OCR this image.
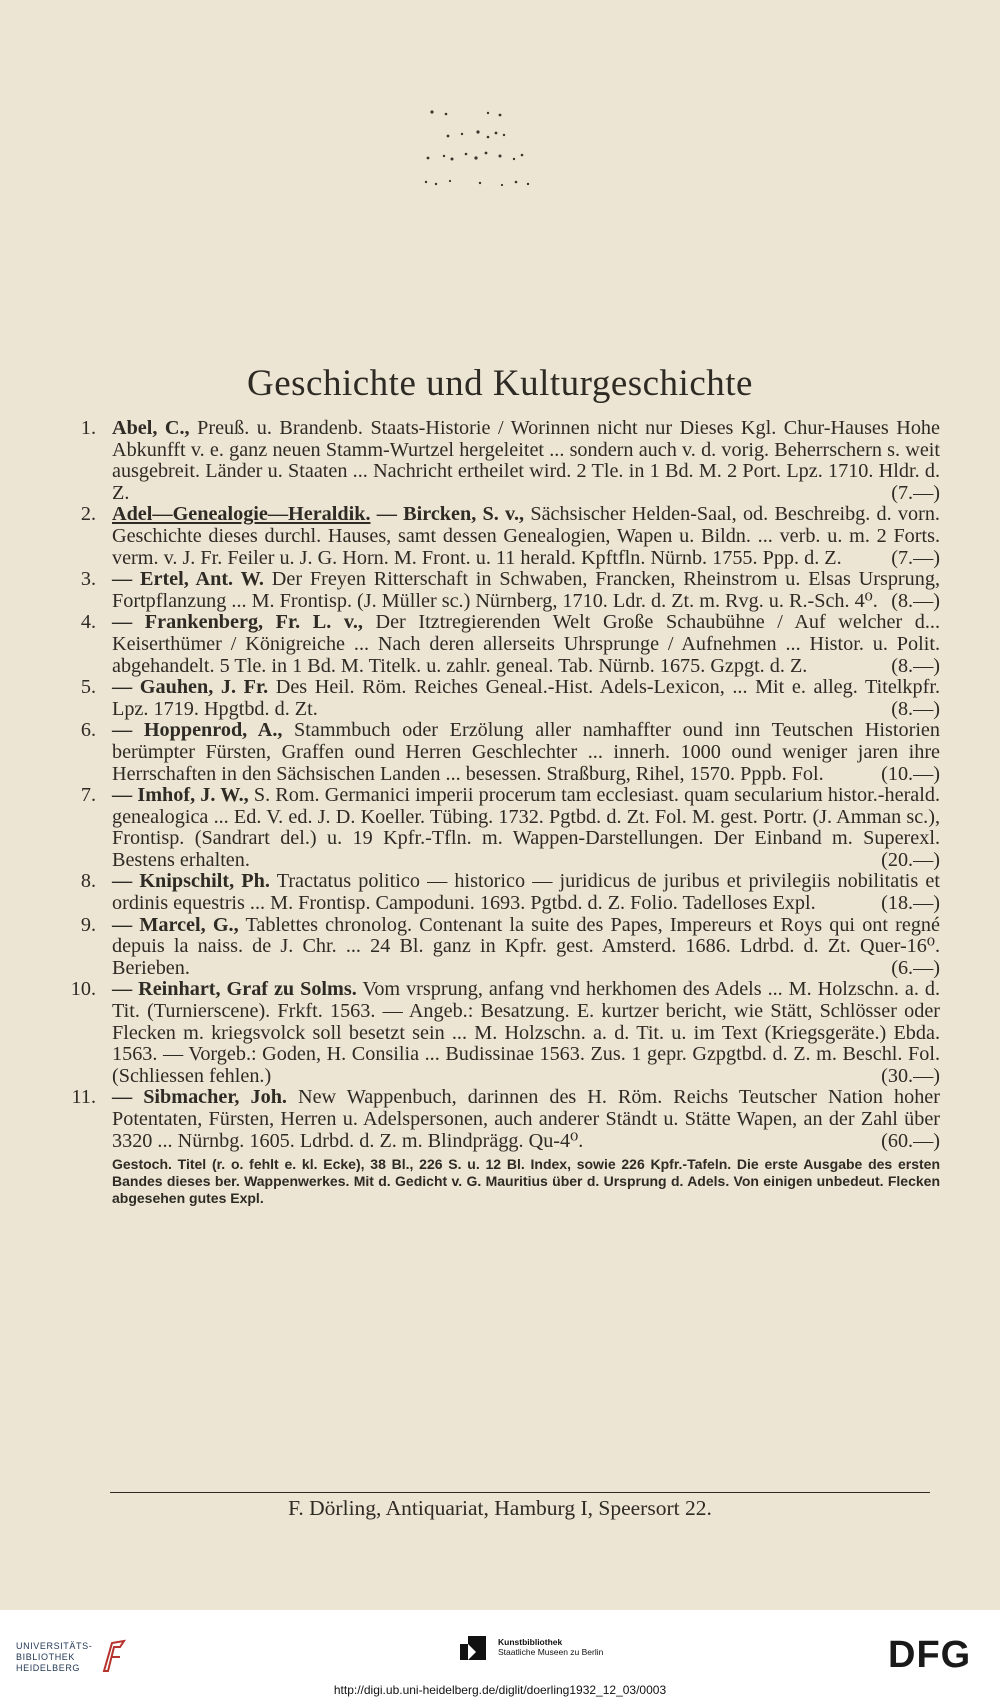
Geschichte und Kulturgeschichte
1. Abel, C., Preuß. u. Brandenb. Staats-Historie / Worinnen nicht nur Dieses Kgl. Chur-Hauses Hohe Abkunfft v. e. ganz neuen Stamm-Wurtzel hergeleitet ... sondern auch v. d. vorig. Beherrschern s. weit ausgebreit. Länder u. Staaten ... Nachricht ertheilet wird. 2 Tle. in 1 Bd. M. 2 Port. Lpz. 1710. Hldr. d. Z.	(7.—)
2. Adel—Genealogie—Heraldik. — Bircken, S. v., Sächsischer Helden-Saal, od. Beschreibg. d. vorn. Geschichte dieses durchl. Hauses, samt dessen Genealogien, Wapen u. Bildn. ... verb. u. m. 2 Forts. verm. v. J. Fr. Feiler u. J. G. Horn. M. Front. u. 11 herald. Kpftfln. Nürnb. 1755. Ppp. d. Z.	(7.—)
3. — Ertel, Ant. W. Der Freyen Ritterschaft in Schwaben, Francken, Rheinstrom u. Elsas Ursprung, Fortpflanzung ... M. Frontisp. (J. Müller sc.) Nürnberg, 1710. Ldr. d. Zt. m. Rvg. u. R.-Sch. 4⁰. (8.—)
4. — Frankenberg, Fr. L. v., Der Itztregierenden Welt Große Schaubühne / Auf welcher d... Keiserthümer / Königreiche ... Nach deren allerseits Uhrsprunge / Aufnehmen ... Histor. u. Polit. abgehandelt. 5 Tle. in 1 Bd. M. Titelk. u. zahlr. geneal. Tab. Nürnb. 1675. Gzpgt. d. Z.	(8.—)
5. — Gauhen, J. Fr. Des Heil. Röm. Reiches Geneal.-Hist. Adels-Lexicon, ... Mit e. alleg. Titelkpfr. Lpz. 1719. Hpgtbd. d. Zt.	(8.—)
6. — Hoppenrod, A., Stammbuch oder Erzölung aller namhaffter ound inn Teutschen Historien berümpter Fürsten, Graffen ound Herren Geschlechter ... innerh. 1000 ound weniger jaren ihre Herrschaften in den Sächsischen Landen ... besessen. Straßburg, Rihel, 1570. Pppb. Fol.	(10.—)
7. — Imhof, J. W., S. Rom. Germanici imperii procerum tam ecclesiast. quam secularium histor.-herald. genealogica ... Ed. V. ed. J. D. Koeller. Tübing. 1732. Pgtbd. d. Zt. Fol. M. gest. Portr. (J. Amman sc.), Frontisp. (Sandrart del.) u. 19 Kpfr.-Tfln. m. Wappen-Darstellungen. Der Einband m. Superexl. Bestens erhalten.	(20.—)
8. — Knipschilt, Ph. Tractatus politico — historico — juridicus de juribus et privilegiis nobilitatis et ordinis equestris ... M. Frontisp. Campoduni. 1693. Pgtbd. d. Z. Folio. Tadelloses Expl.	(18.—)
9. — Marcel, G., Tablettes chronolog. Contenant la suite des Papes, Impereurs et Roys qui ont regné depuis la naiss. de J. Chr. ... 24 Bl. ganz in Kpfr. gest. Amsterd. 1686. Ldrbd. d. Zt. Quer-16⁰. Berieben.	(6.—)
10. — Reinhart, Graf zu Solms. Vom vrsprung, anfang vnd herkhomen des Adels ... M. Holzschn. a. d. Tit. (Turnierscene). Frkft. 1563. — Angeb.: Besatzung. E. kurtzer bericht, wie Stätt, Schlösser oder Flecken m. kriegsvolck soll besetzt sein ... M. Holzschn. a. d. Tit. u. im Text (Kriegsgeräte.) Ebda. 1563. — Vorgeb.: Goden, H. Consilia ... Budissinae 1563. Zus. 1 gepr. Gzpgtbd. d. Z. m. Beschl. Fol. (Schliessen fehlen.)	(30.—)
11. — Sibmacher, Joh. New Wappenbuch, darinnen des H. Röm. Reichs Teutscher Nation hoher Potentaten, Fürsten, Herren u. Adelspersonen, auch anderer Ständt u. Stätte Wapen, an der Zahl über 3320 ... Nürnbg. 1605. Ldrbd. d. Z. m. Blindprägg. Qu-4⁰.	(60.—)
Gestoch. Titel (r. o. fehlt e. kl. Ecke), 38 Bl., 226 S. u. 12 Bl. Index, sowie 226 Kpfr.-Tafeln. Die erste Ausgabe des ersten Bandes dieses ber. Wappenwerkes. Mit d. Gedicht v. G. Mauritius über d. Ursprung d. Adels. Von einigen unbedeut. Flecken abgesehen gutes Expl.
F. Dörling, Antiquariat, Hamburg I, Speersort 22.
UNIVERSITÄTS-
BIBLIOTHEK
HEIDELBERG
Kunstbibliothek
Staatliche Museen zu Berlin	DFG
http://digi.ub.uni-heidelberg.de/diglit/doerling1932_12_03/0003
